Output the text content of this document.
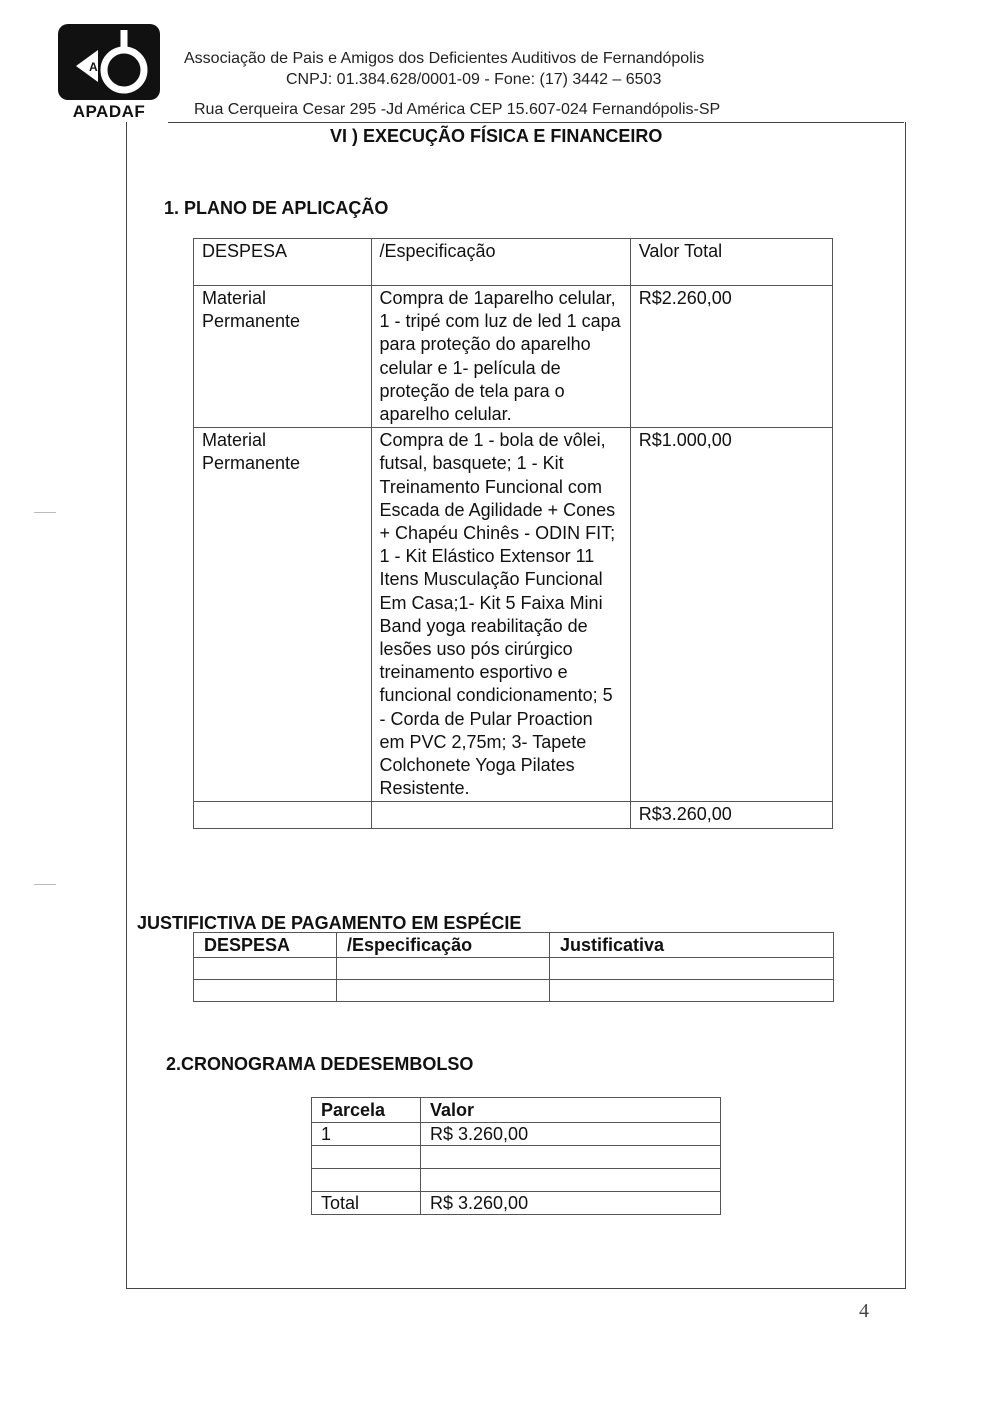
A
APADAF
Associação de Pais e Amigos dos Deficientes Auditivos de Fernandópolis
CNPJ: 01.384.628/0001-09 - Fone: (17) 3442 – 6503
Rua Cerqueira Cesar 295 -Jd América CEP 15.607-024 Fernandópolis-SP
VI ) EXECUÇÃO FÍSICA E FINANCEIRO
1. PLANO DE APLICAÇÃO
DESPESA	/Especificação	Valor Total
Material Permanente	Compra de 1aparelho celular, 1 - tripé com luz de led 1 capa para proteção do aparelho celular e 1- película de proteção de tela para o aparelho celular.	R$2.260,00
Material Permanente	Compra de 1 - bola de vôlei, futsal, basquete; 1 - Kit Treinamento Funcional com Escada de Agilidade + Cones + Chapéu Chinês - ODIN FIT; 1 - Kit Elástico Extensor 11 Itens Musculação Funcional Em Casa;1- Kit 5 Faixa Mini Band yoga reabilitação de lesões uso pós cirúrgico treinamento esportivo e funcional condicionamento; 5 - Corda de Pular Proaction em PVC 2,75m; 3- Tapete Colchonete Yoga Pilates Resistente.	R$1.000,00
		R$3.260,00
JUSTIFICTIVA DE PAGAMENTO EM ESPÉCIE
DESPESA	/Especificação	Justificativa

2.CRONOGRAMA DEDESEMBOLSO
Parcela	Valor
1	R$ 3.260,00

Total	R$ 3.260,00
4
